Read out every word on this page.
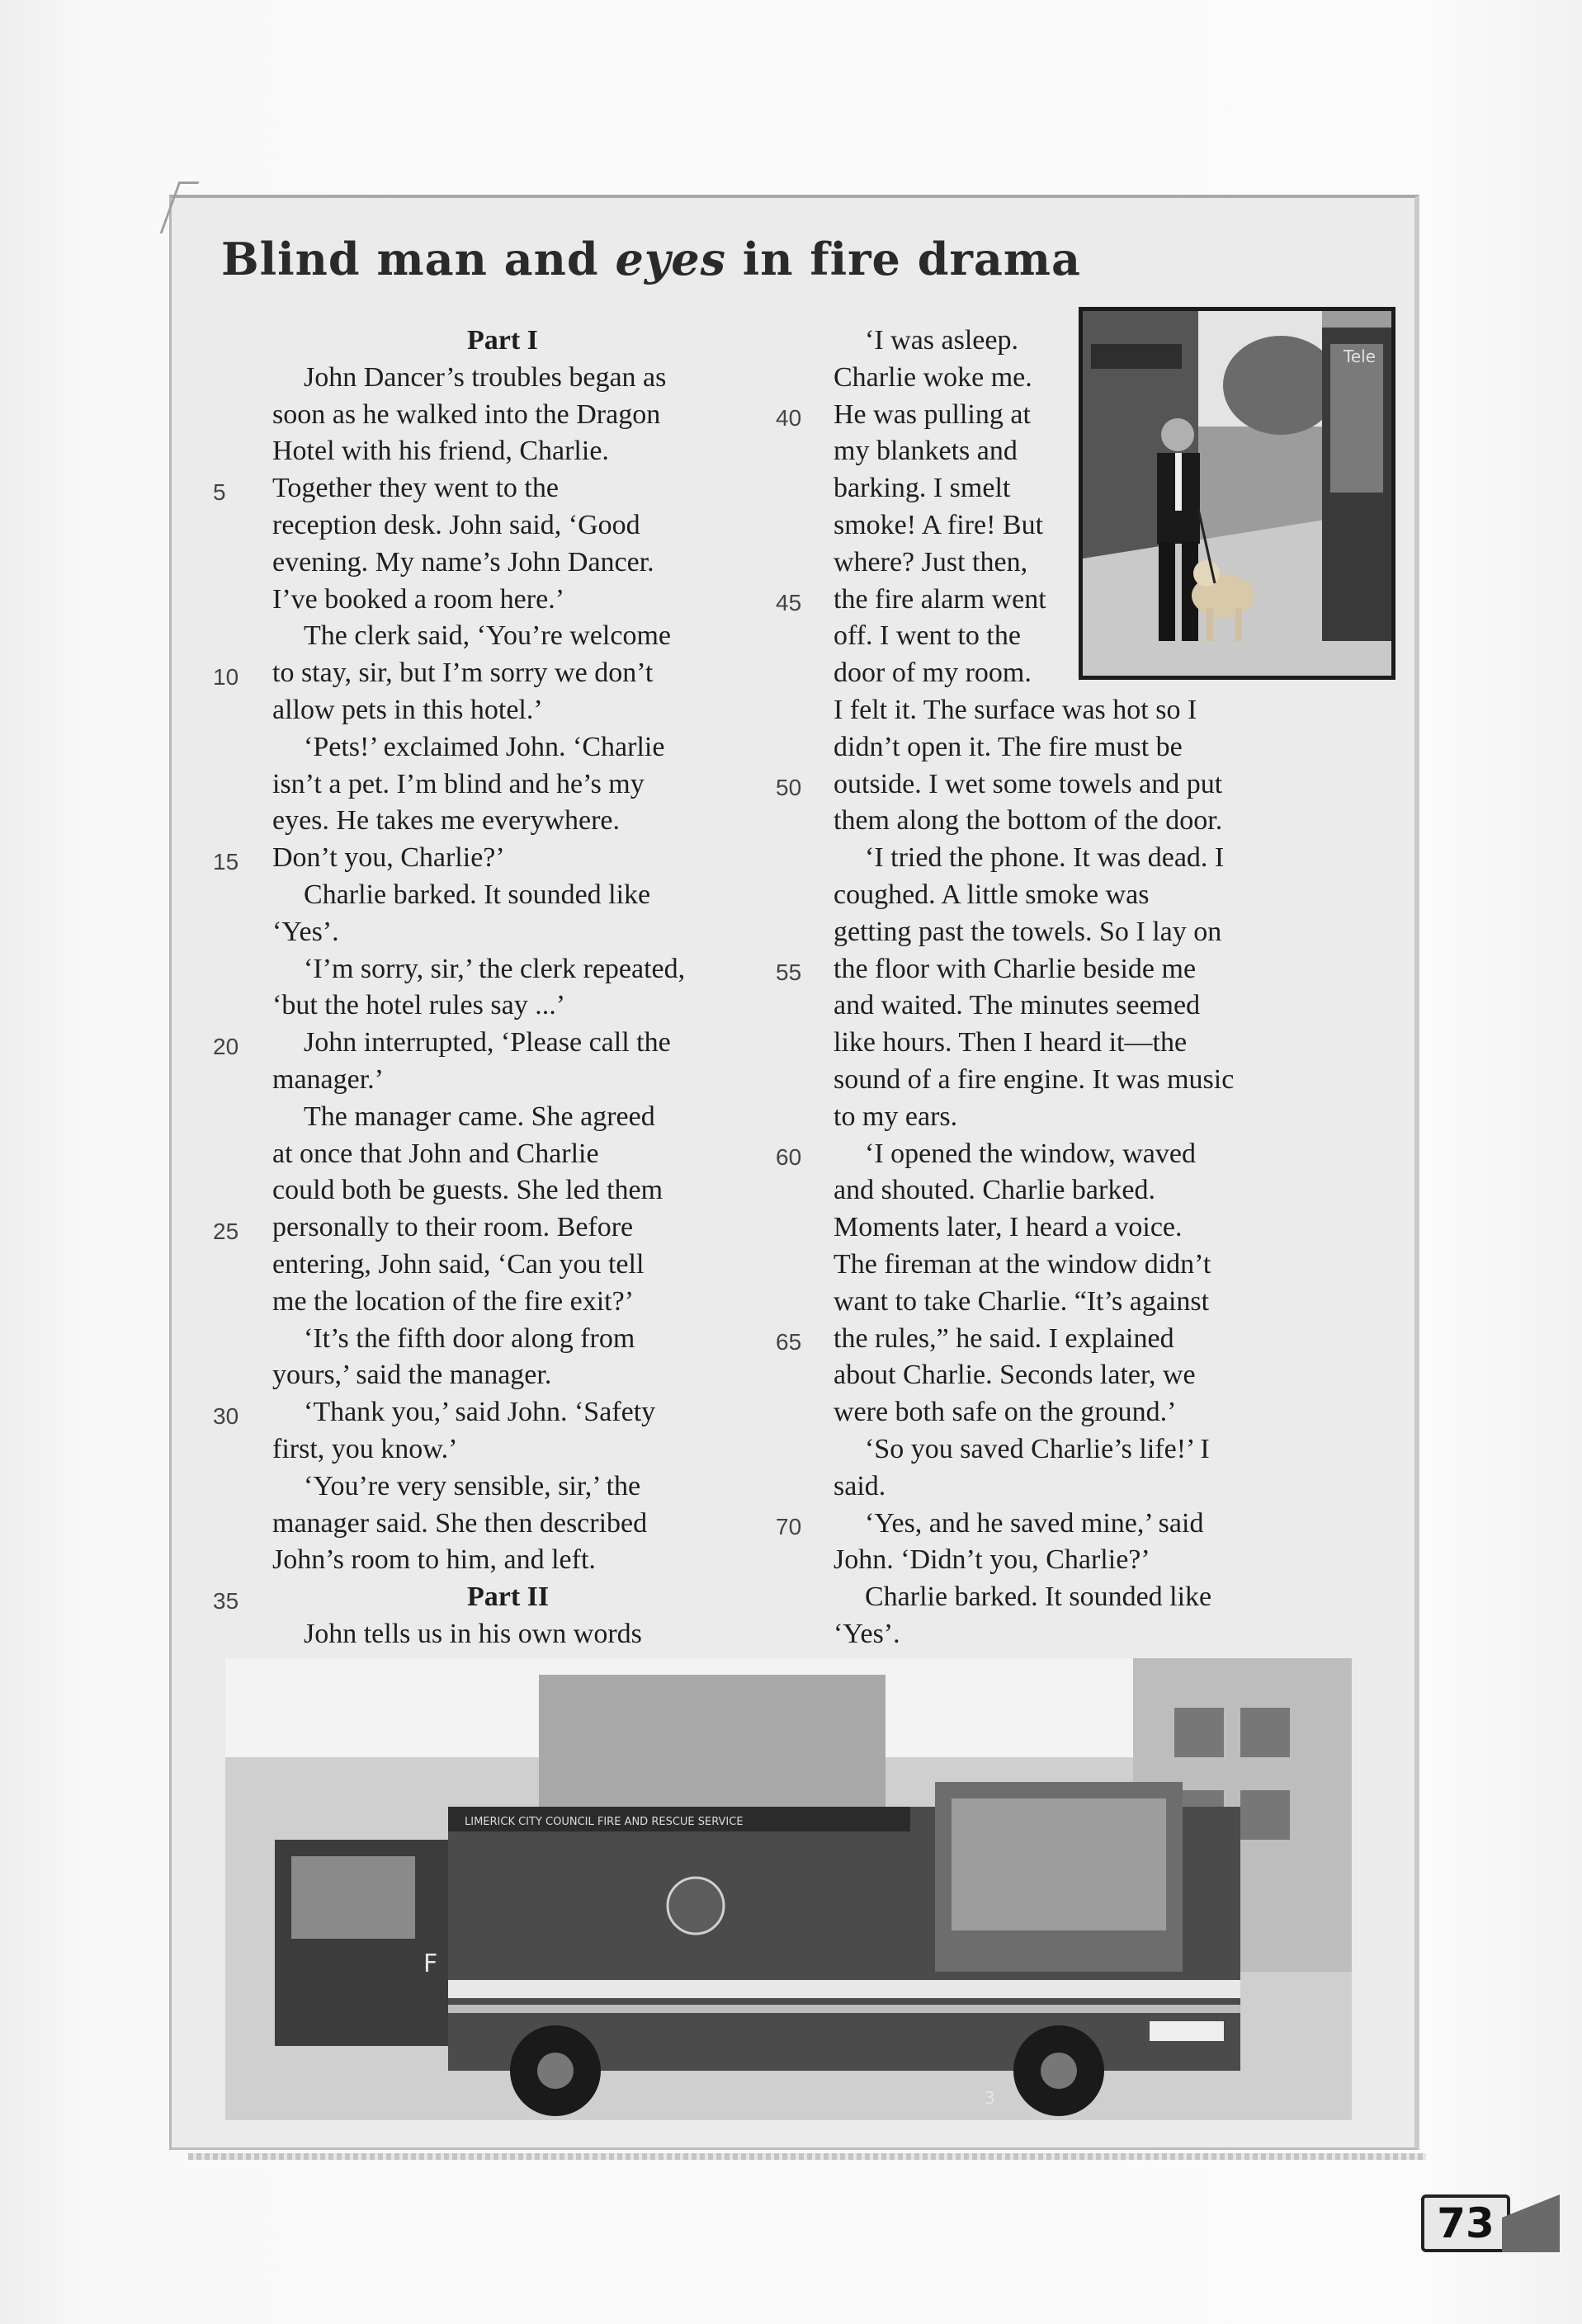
Blind man and eyes in fire drama
5
10
15
20
25
30
35
40
45
50
55
60
65
70
Part I
John Dancer’s troubles began as
soon as he walked into the Dragon
Hotel with his friend, Charlie.
Together they went to the
reception desk. John said, ‘Good
evening. My name’s John Dancer.
I’ve booked a room here.’
The clerk said, ‘You’re welcome
to stay, sir, but I’m sorry we don’t
allow pets in this hotel.’
‘Pets!’ exclaimed John. ‘Charlie
isn’t a pet. I’m blind and he’s my
eyes. He takes me everywhere.
Don’t you, Charlie?’
Charlie barked. It sounded like
‘Yes’.
‘I’m sorry, sir,’ the clerk repeated,
‘but the hotel rules say ...’
John interrupted, ‘Please call the
manager.’
The manager came. She agreed
at once that John and Charlie
could both be guests. She led them
personally to their room. Before
entering, John said, ‘Can you tell
me the location of the fire exit?’
‘It’s the fifth door along from
yours,’ said the manager.
‘Thank you,’ said John. ‘Safety
first, you know.’
‘You’re very sensible, sir,’ the
manager said. She then described
John’s room to him, and left.
Part II
John tells us in his own words
‘I was asleep.
Charlie woke me.
He was pulling at
my blankets and
barking. I smelt
smoke! A fire! But
where? Just then,
the fire alarm went
off. I went to the
door of my room.
I felt it. The surface was hot so I
didn’t open it. The fire must be
outside. I wet some towels and put
them along the bottom of the door.
‘I tried the phone. It was dead. I
coughed. A little smoke was
getting past the towels. So I lay on
the floor with Charlie beside me
and waited. The minutes seemed
like hours. Then I heard it—the
sound of a fire engine. It was music
to my ears.
‘I opened the window, waved
and shouted. Charlie barked.
Moments later, I heard a voice.
The fireman at the window didn’t
want to take Charlie. “It’s against
the rules,” he said. I explained
about Charlie. Seconds later, we
were both safe on the ground.’
‘So you saved Charlie’s life!’ I
said.
‘Yes, and he saved mine,’ said
John. ‘Didn’t you, Charlie?’
Charlie barked. It sounded like
‘Yes’.
Tele
F
LIMERICK CITY COUNCIL FIRE AND RESCUE SERVICE
3
73
